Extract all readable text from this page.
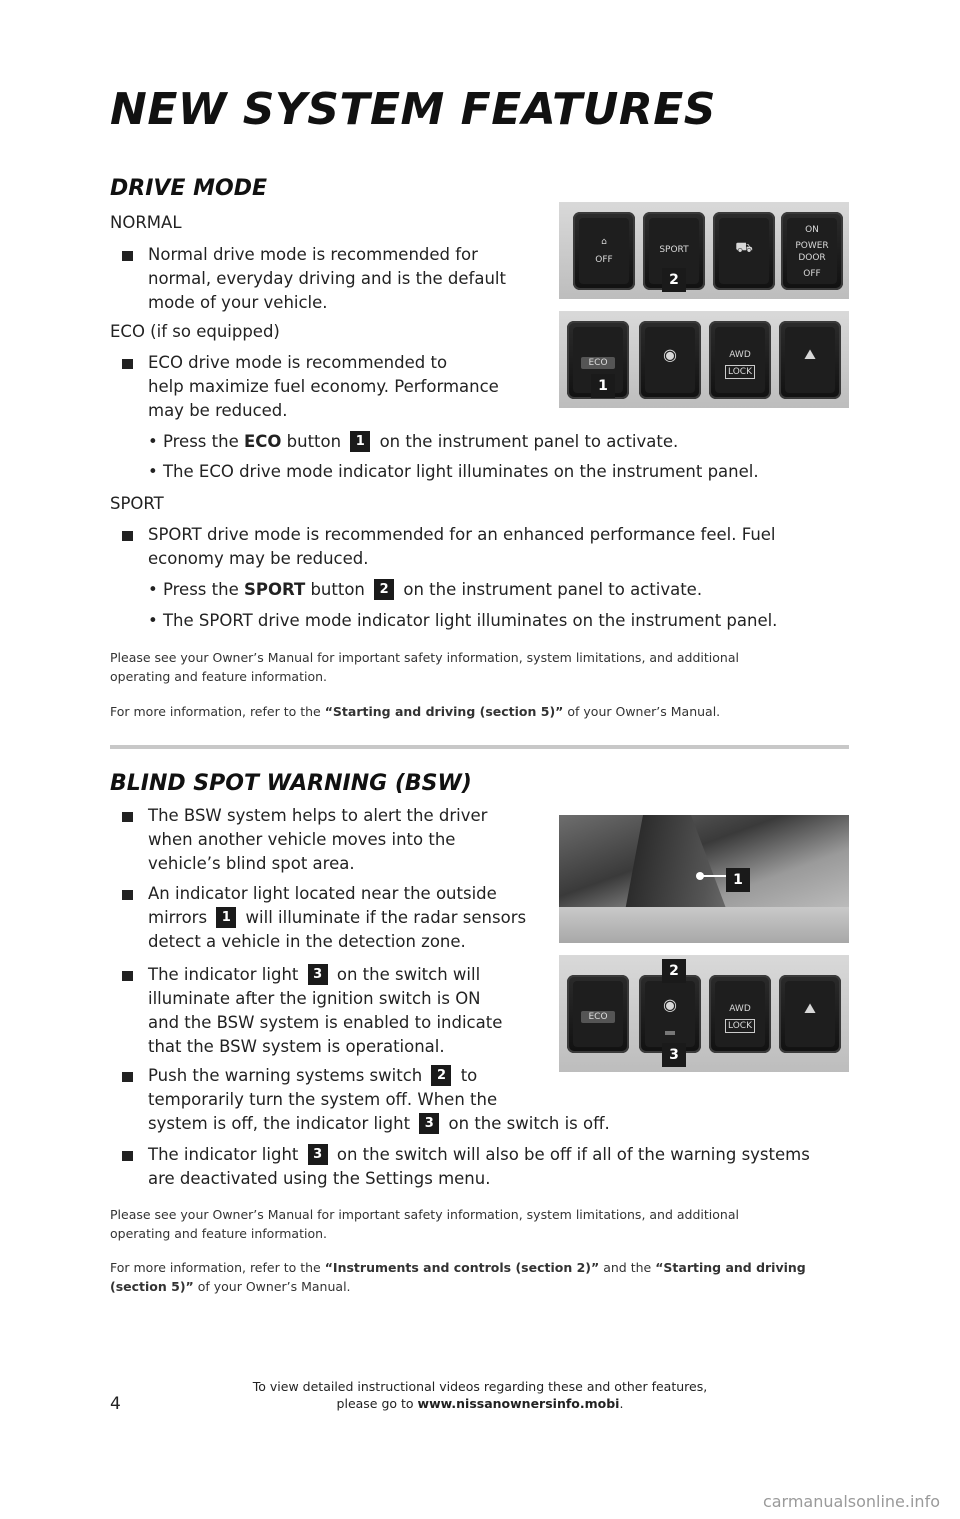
NEW SYSTEM FEATURES
DRIVE MODE
NORMAL
Normal drive mode is recommended for
normal, everyday driving and is the default
mode of your vehicle.
ECO (if so equipped)
ECO drive mode is recommended to
help maximize fuel economy. Performance
may be reduced.
• Press the ECO button 1 on the instrument panel to activate.
• The ECO drive mode indicator light illuminates on the instrument panel.
SPORT
SPORT drive mode is recommended for an enhanced performance feel. Fuel
economy may be reduced.
• Press the SPORT button 2 on the instrument panel to activate.
• The SPORT drive mode indicator light illuminates on the instrument panel.
Please see your Owner’s Manual for important safety information, system limitations, and additional
operating and feature information.
For more information, refer to the “Starting and driving (section 5)” of your Owner’s Manual.
⌂
OFF
SPORT	⛟
ON
POWER
DOOR
OFF
2
ECO	◉	AWD
LOCK
⛰
1
BLIND SPOT WARNING (BSW)
The BSW system helps to alert the driver
when another vehicle moves into the
vehicle’s blind spot area.
An indicator light located near the outside
mirrors 1 will illuminate if the radar sensors
detect a vehicle in the detection zone.
The indicator light 3 on the switch will
illuminate after the ignition switch is ON
and the BSW system is enabled to indicate
that the BSW system is operational.
Push the warning systems switch 2 to
temporarily turn the system off. When the
system is off, the indicator light 3 on the switch is off.
The indicator light 3 on the switch will also be off if all of the warning systems
are deactivated using the Settings menu.
Please see your Owner’s Manual for important safety information, system limitations, and additional
operating and feature information.
For more information, refer to the “Instruments and controls (section 2)” and the “Starting and driving
(section 5)” of your Owner’s Manual.
1
ECO
◉	AWD
LOCK
⛰
2
3
To view detailed instructional videos regarding these and other features,
please go to www.nissanownersinfo.mobi.
4
carmanualsonline.info
